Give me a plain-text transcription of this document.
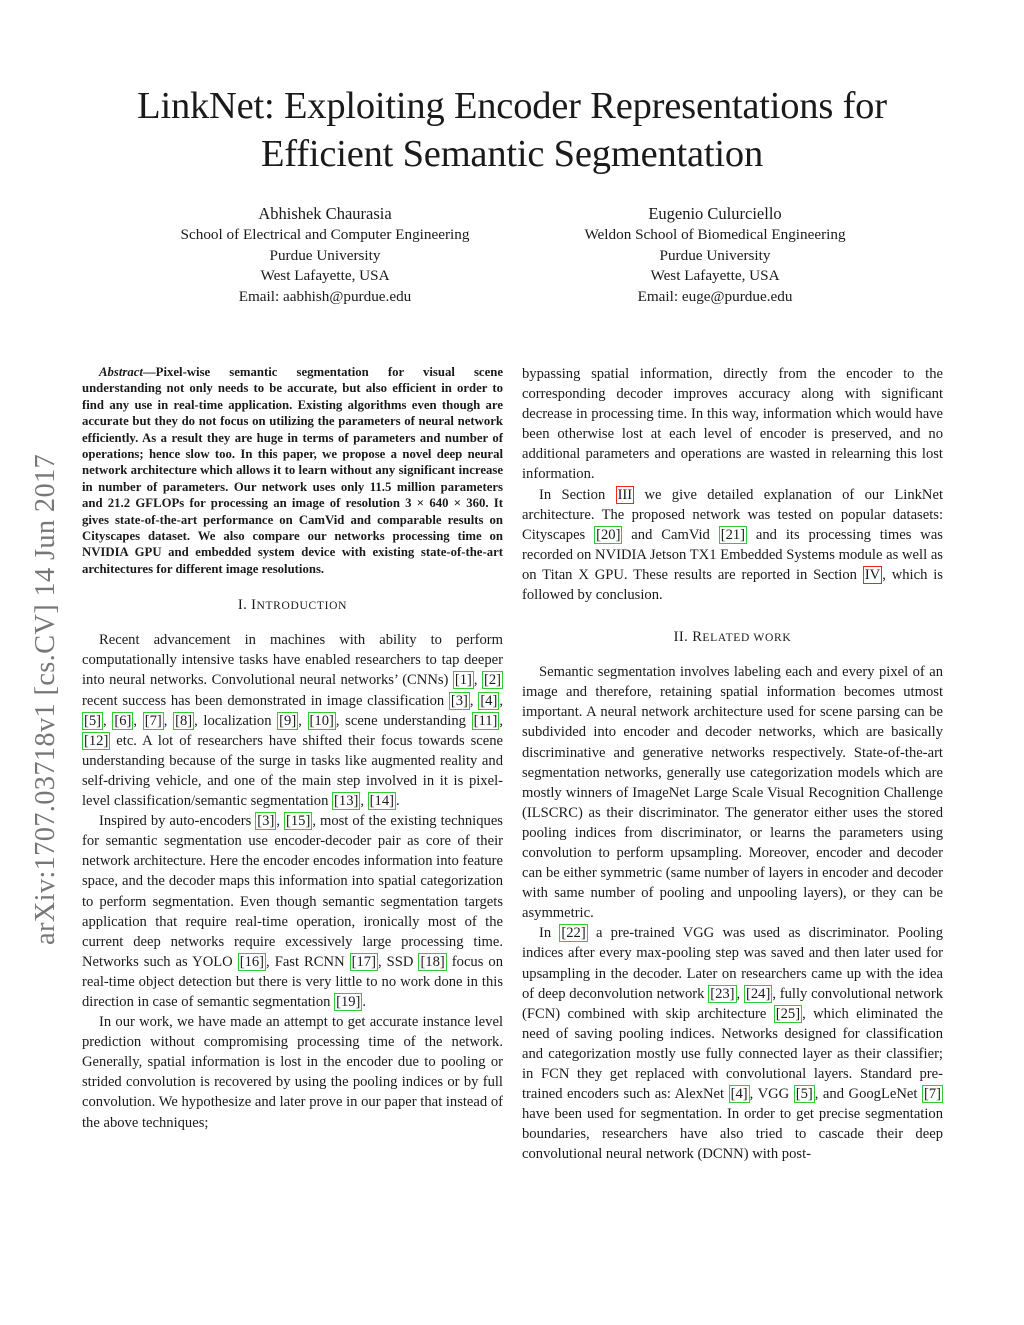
LinkNet: Exploiting Encoder Representations for
Efficient Semantic Segmentation
Abhishek Chaurasia
School of Electrical and Computer Engineering
Purdue University
West Lafayette, USA
Email: aabhish@purdue.edu
Eugenio Culurciello
Weldon School of Biomedical Engineering
Purdue University
West Lafayette, USA
Email: euge@purdue.edu
arXiv:1707.03718v1 [cs.CV] 14 Jun 2017

Abstract—Pixel-wise semantic segmentation for visual scene understanding not only needs to be accurate, but also efficient in order to find any use in real-time application. Existing algorithms even though are accurate but they do not focus on utilizing the parameters of neural network efficiently. As a result they are huge in terms of parameters and number of operations; hence slow too. In this paper, we propose a novel deep neural network architecture which allows it to learn without any significant increase in number of parameters. Our network uses only 11.5 million parameters and 21.2 GFLOPs for processing an image of resolution 3 × 640 × 360. It gives state-of-the-art performance on CamVid and comparable results on Cityscapes dataset. We also compare our networks processing time on NVIDIA GPU and embedded system device with existing state-of-the-art architectures for different image resolutions.

I. INTRODUCTION

Recent advancement in machines with ability to perform computationally intensive tasks have enabled researchers to tap deeper into neural networks. Convolutional neural networks’ (CNNs) [1] , [2] recent success has been demonstrated in image classification [3] , [4] , [5] , [6] , [7] , [8] , localization [9] , [10] , scene understanding [11] , [12] etc. A lot of researchers have shifted their focus towards scene understanding because of the surge in tasks like augmented reality and self-driving vehicle, and one of the main step involved in it is pixel-level classification/semantic segmentation [13] , [14] .

Inspired by auto-encoders [3] , [15] , most of the existing techniques for semantic segmentation use encoder-decoder pair as core of their network architecture. Here the encoder encodes information into feature space, and the decoder maps this information into spatial categorization to perform segmentation. Even though semantic segmentation targets application that require real-time operation, ironically most of the current deep networks require excessively large processing time. Networks such as YOLO [16] , Fast RCNN [17] , SSD [18] focus on real-time object detection but there is very little to no work done in this direction in case of semantic segmentation [19] .

In our work, we have made an attempt to get accurate instance level prediction without compromising processing time of the network. Generally, spatial information is lost in the encoder due to pooling or strided convolution is recovered by using the pooling indices or by full convolution. We hypothesize and later prove in our paper that instead of the above techniques;

bypassing spatial information, directly from the encoder to the corresponding decoder improves accuracy along with significant decrease in processing time. In this way, information which would have been otherwise lost at each level of encoder is preserved, and no additional parameters and operations are wasted in relearning this lost information.

In Section III we give detailed explanation of our LinkNet architecture. The proposed network was tested on popular datasets: Cityscapes [20] and CamVid [21] and its processing times was recorded on NVIDIA Jetson TX1 Embedded Systems module as well as on Titan X GPU. These results are reported in Section IV , which is followed by conclusion.

II. RELATED WORK

Semantic segmentation involves labeling each and every pixel of an image and therefore, retaining spatial information becomes utmost important. A neural network architecture used for scene parsing can be subdivided into encoder and decoder networks, which are basically discriminative and generative networks respectively. State-of-the-art segmentation networks, generally use categorization models which are mostly winners of ImageNet Large Scale Visual Recognition Challenge (ILSCRC) as their discriminator. The generator either uses the stored pooling indices from discriminator, or learns the parameters using convolution to perform upsampling. Moreover, encoder and decoder can be either symmetric (same number of layers in encoder and decoder with same number of pooling and unpooling layers), or they can be asymmetric.

In [22] a pre-trained VGG was used as discriminator. Pooling indices after every max-pooling step was saved and then later used for upsampling in the decoder. Later on researchers came up with the idea of deep deconvolution network [23] , [24] , fully convolutional network (FCN) combined with skip architecture [25] , which eliminated the need of saving pooling indices. Networks designed for classification and categorization mostly use fully connected layer as their classifier; in FCN they get replaced with convolutional layers. Standard pre-trained encoders such as: AlexNet [4] , VGG [5] , and GoogLeNet [7] have been used for segmentation. In order to get precise segmentation boundaries, researchers have also tried to cascade their deep convolutional neural network (DCNN) with post-
